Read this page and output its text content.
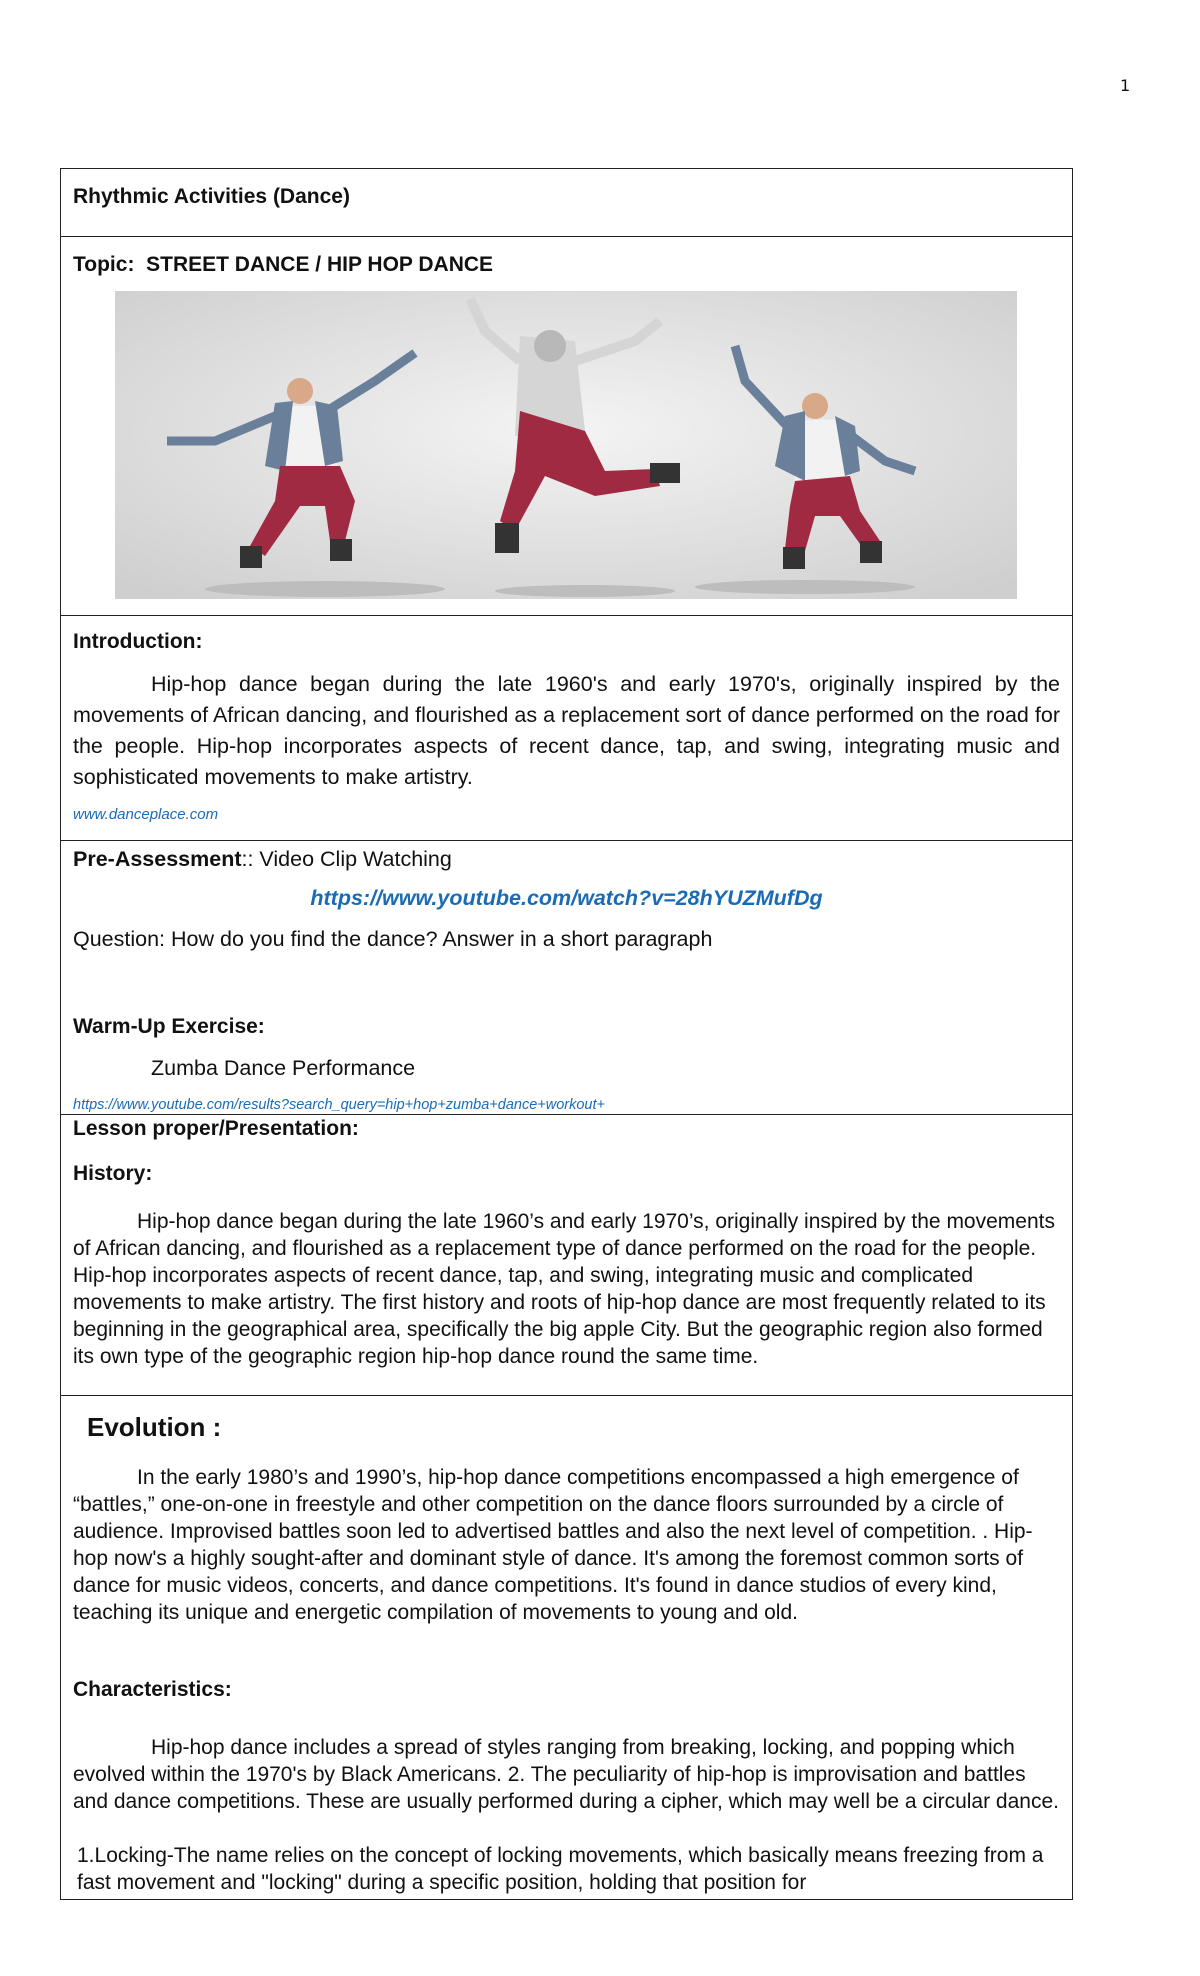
1
Rhythmic Activities (Dance)
Topic: STREET DANCE / HIP HOP DANCE
Introduction:
Hip-hop dance began during the late 1960's and early 1970's, originally inspired by the movements of African dancing, and flourished as a replacement sort of dance performed on the road for the people. Hip-hop incorporates aspects of recent dance, tap, and swing, integrating music and sophisticated movements to make artistry.
www.danceplace.com
Pre-Assessment:: Video Clip Watching
https://www.youtube.com/watch?v=28hYUZMufDg
Question: How do you find the dance? Answer in a short paragraph
Warm-Up Exercise:
Zumba Dance Performance
https://www.youtube.com/results?search_query=hip+hop+zumba+dance+workout+
Lesson proper/Presentation:
History:
Hip-hop dance began during the late 1960’s and early 1970’s, originally inspired by the movements of African dancing, and flourished as a replacement type of dance performed on the road for the people. Hip-hop incorporates aspects of recent dance, tap, and swing, integrating music and complicated movements to make artistry. The first history and roots of hip-hop dance are most frequently related to its beginning in the geographical area, specifically the big apple City. But the geographic region also formed its own type of the geographic region hip-hop dance round the same time.
Evolution :
In the early 1980’s and 1990’s, hip-hop dance competitions encompassed a high emergence of “battles,” one-on-one in freestyle and other competition on the dance floors surrounded by a circle of audience. Improvised battles soon led to advertised battles and also the next level of competition. . Hip-hop now's a highly sought-after and dominant style of dance. It's among the foremost common sorts of dance for music videos, concerts, and dance competitions. It's found in dance studios of every kind, teaching its unique and energetic compilation of movements to young and old.
Characteristics:
Hip-hop dance includes a spread of styles ranging from breaking, locking, and popping which evolved within the 1970's by Black Americans. 2. The peculiarity of hip-hop is improvisation and battles and dance competitions. These are usually performed during a cipher, which may well be a circular dance.
1.Locking-The name relies on the concept of locking movements, which basically means freezing from a fast movement and "locking" during a specific position, holding that position for
